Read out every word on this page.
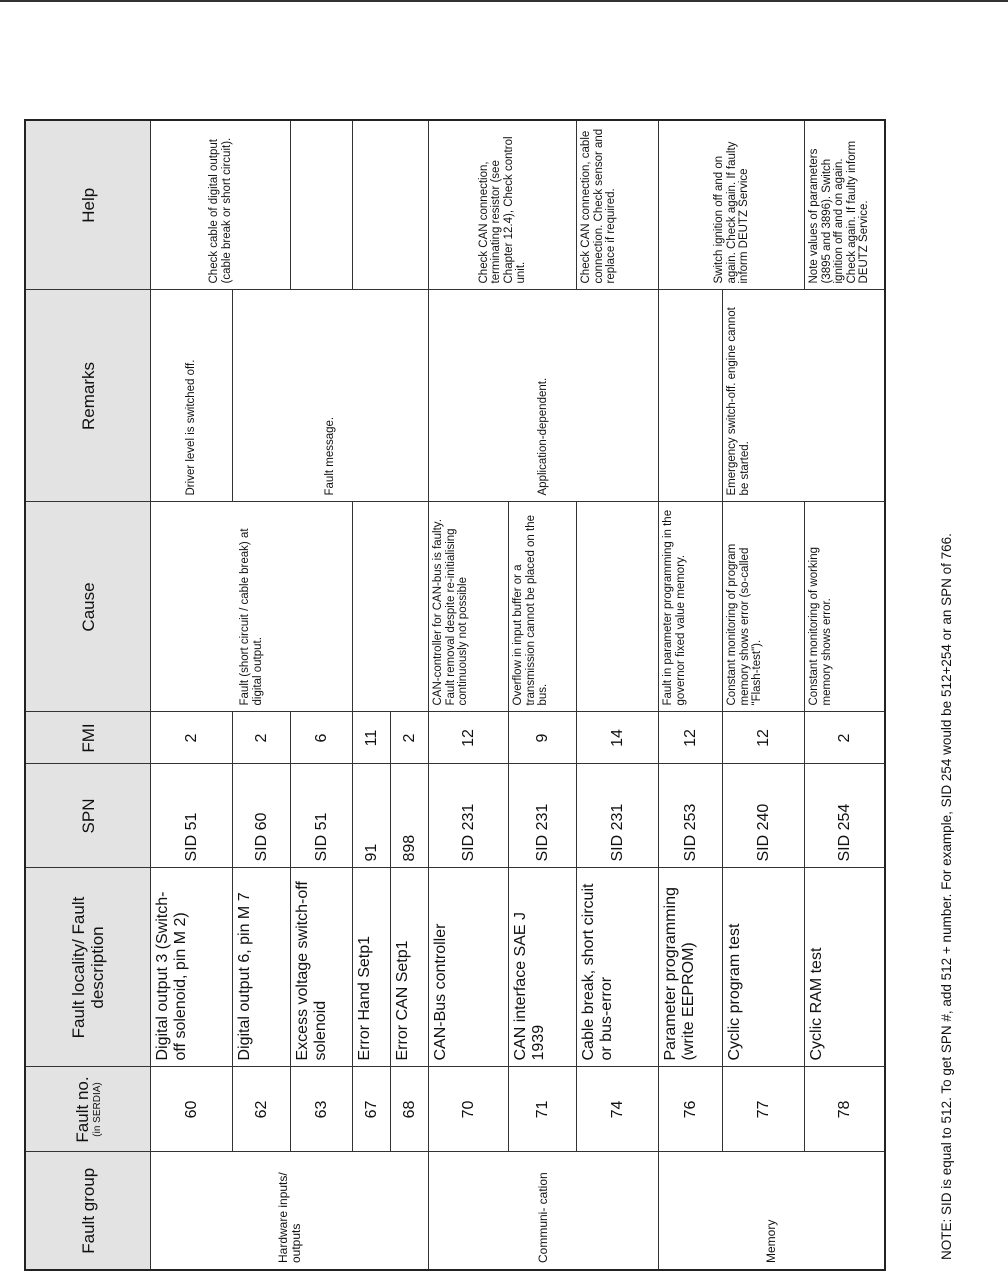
Fault group	Fault no. (in SERDIA)	Fault locality/ Fault description	SPN	FMI	Cause	Remarks	Help
Hardware inputs/ outputs	60	Digital output 3 (Switch-off solenoid, pin M 2)	SID 51	2	Fault (short circuit / cable break) at digital output.	Driver level is switched off.	Check cable of digital output (cable break or short circuit).
	62	Digital output 6, pin M 7	SID 60	2		Fault message.	
	63	Excess voltage switch-off solenoid	SID 51	6			
	67	Error Hand Setp1	91	11			
	68	Error CAN Setp1	898	2			
Communi- cation	70	CAN-Bus controller	SID 231	12	CAN-controller for CAN-bus is faulty. Fault removal despite re-initialising continuously not possible	Application-dependent.	Check CAN connection, terminating resistor (see Chapter 12.4), Check control unit.
	71	CAN interface SAE J 1939	SID 231	9	Overflow in input buffer or a transmission cannot be placed on the bus.		
	74	Cable break, short circuit or bus-error	SID 231	14			Check CAN connection, cable connection. Check sensor and replace if required.
Memory	76	Parameter programming (write EEPROM)	SID 253	12	Fault in parameter programming in the governor fixed value memory.		Switch ignition off and on again. Check again. If faulty inform DEUTZ Service
	77	Cyclic program test	SID 240	12	Constant monitoring of program memory shows error (so-called "Flash-test").	Emergency switch-off. engine cannot be started.	
	78	Cyclic RAM test	SID 254	2	Constant monitoring of working memory shows error.		Note values of parameters (3895 and 3896). Switch ignition off and on again. Check again. If faulty inform DEUTZ Service.
NOTE: SID is equal to 512. To get SPN #, add 512 + number. For example, SID 254 would be 512+254 or an SPN of 766.
